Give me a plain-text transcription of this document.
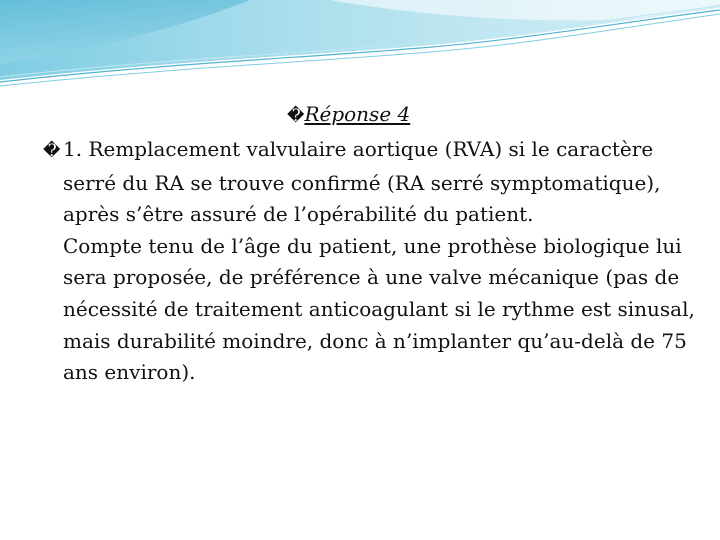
�Réponse 4

� 1. Remplacement valvulaire aortique (RVA) si le caractère serré du RA se trouve confirmé (RA serré symptomatique), après s’être assuré de l’opérabilité du patient.

Compte tenu de l’âge du patient, une prothèse biologique lui sera proposée, de préférence à une valve mécanique (pas de nécessité de traitement anticoagulant si le rythme est sinusal, mais durabilité moindre, donc à n’implanter qu’au-delà de 75 ans environ).
